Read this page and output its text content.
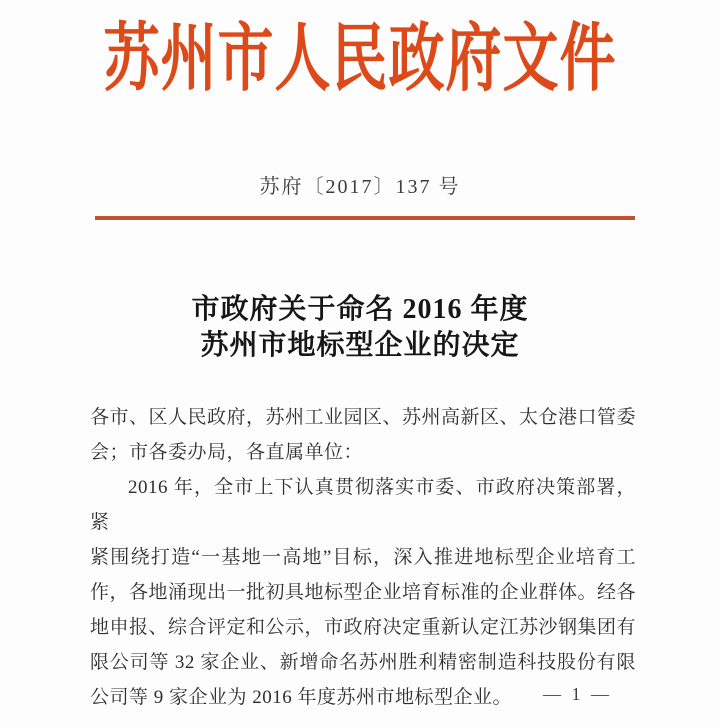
苏州市人民政府文件
苏府〔2017〕137 号
市政府关于命名 2016 年度
苏州市地标型企业的决定
各市、区人民政府，苏州工业园区、苏州高新区、太仓港口管委
会；市各委办局，各直属单位：
2016 年，全市上下认真贯彻落实市委、市政府决策部署，紧
紧围绕打造“一基地一高地”目标，深入推进地标型企业培育工
作，各地涌现出一批初具地标型企业培育标准的企业群体。经各
地申报、综合评定和公示，市政府决定重新认定江苏沙钢集团有
限公司等 32 家企业、新增命名苏州胜利精密制造科技股份有限
公司等 9 家企业为 2016 年度苏州市地标型企业。	— 1 —
